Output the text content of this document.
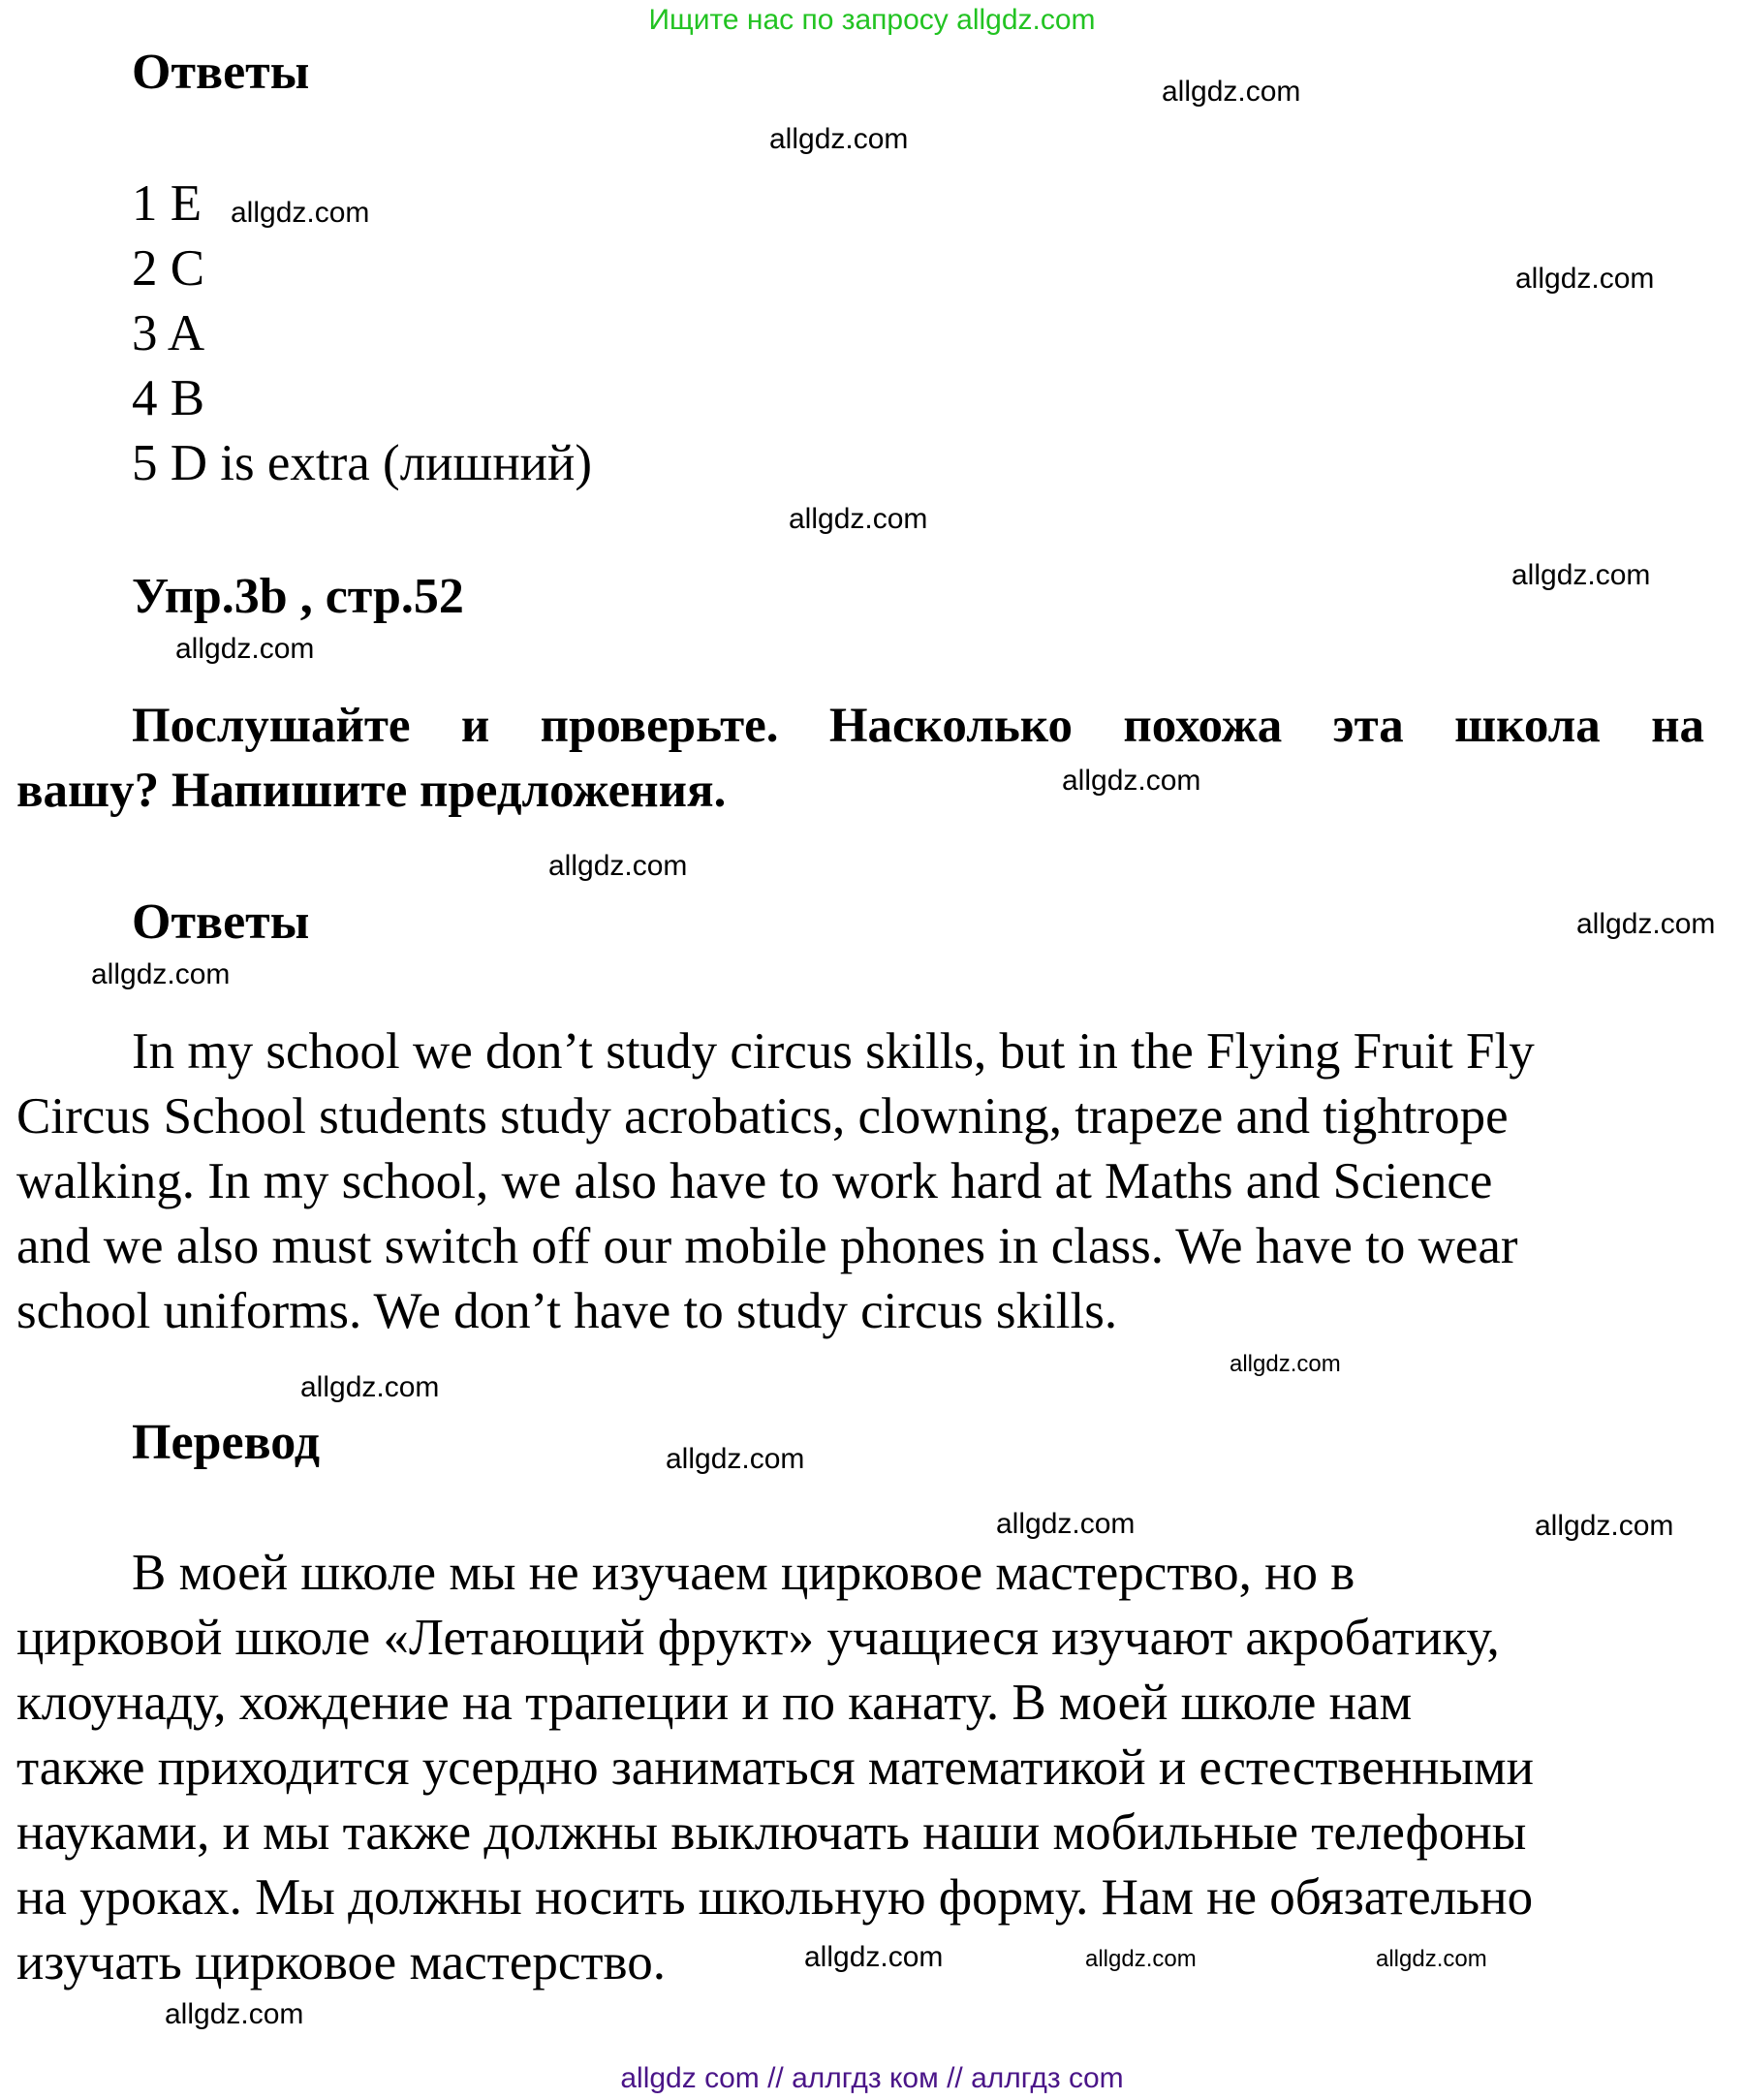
Ищите нас по запросу allgdz.com
Ответы
1 E
2 C
3 A
4 B
5 D is extra (лишний)
Упр.3b , стр.52
Послушайте и проверьте. Насколько похожа эта школа на
вашу? Напишите предложения.
Ответы
In my school we don’t study circus skills, but in the Flying Fruit Fly
Circus School students study acrobatics, clowning, trapeze and tightrope
walking. In my school, we also have to work hard at Maths and Science
and we also must switch off our mobile phones in class. We have to wear
school uniforms. We don’t have to study circus skills.
Перевод
В моей школе мы не изучаем цирковое мастерство, но в
цирковой школе «Летающий фрукт» учащиеся изучают акробатику,
клоунаду, хождение на трапеции и по канату. В моей школе нам
также приходится усердно заниматься математикой и естественными
науками, и мы также должны выключать наши мобильные телефоны
на уроках. Мы должны носить школьную форму. Нам не обязательно
изучать цирковое мастерство.
allgdz.com
allgdz.com
allgdz.com
allgdz.com
allgdz.com
allgdz.com
allgdz.com
allgdz.com
allgdz.com
allgdz.com
allgdz.com
allgdz.com
allgdz.com
allgdz.com
allgdz.com	allgdz.com
allgdz.com	allgdz.com
allgdz.com
allgdz.com
allgdz com // аллгдз ком // аллгдз com
